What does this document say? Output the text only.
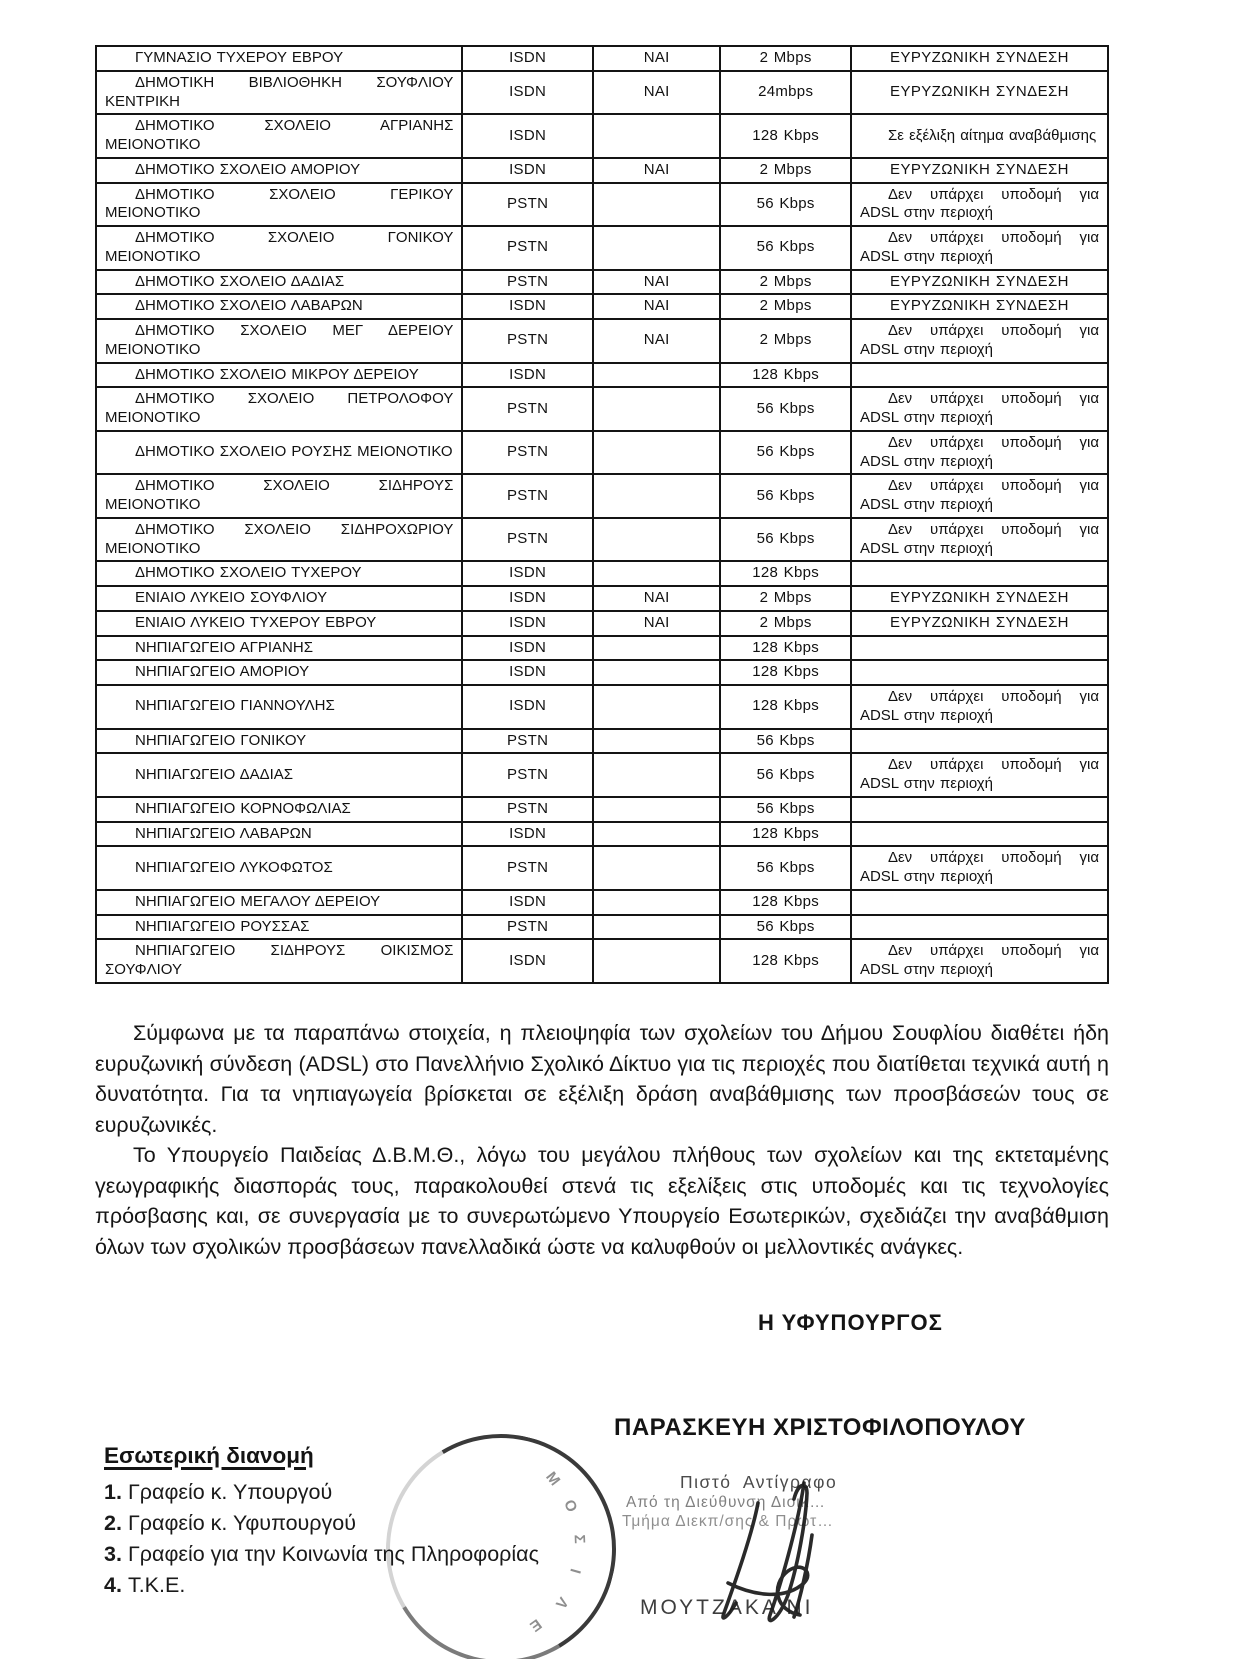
ΓΥΜΝΑΣΙΟ ΤΥΧΕΡΟΥ ΕΒΡΟΥ	ISDN	ΝΑΙ	2 Mbps	ΕΥΡΥΖΩΝΙΚΗ ΣΥΝΔΕΣΗ
ΔΗΜΟΤΙΚΗ ΒΙΒΛΙΟΘΗΚΗ ΣΟΥΦΛΙΟΥ ΚΕΝΤΡΙΚΗ	ISDN	ΝΑΙ	24mbps	ΕΥΡΥΖΩΝΙΚΗ ΣΥΝΔΕΣΗ
ΔΗΜΟΤΙΚΟ ΣΧΟΛΕΙΟ ΑΓΡΙΑΝΗΣ ΜΕΙΟΝΟΤΙΚΟ	ISDN		128 Kbps	Σε εξέλιξη αίτημα αναβάθμισης
ΔΗΜΟΤΙΚΟ ΣΧΟΛΕΙΟ ΑΜΟΡΙΟΥ	ISDN	ΝΑΙ	2 Mbps	ΕΥΡΥΖΩΝΙΚΗ ΣΥΝΔΕΣΗ
ΔΗΜΟΤΙΚΟ ΣΧΟΛΕΙΟ ΓΕΡΙΚΟΥ ΜΕΙΟΝΟΤΙΚΟ	PSTN		56 Kbps	Δεν υπάρχει υποδομή για ADSL στην περιοχή
ΔΗΜΟΤΙΚΟ ΣΧΟΛΕΙΟ ΓΟΝΙΚΟΥ ΜΕΙΟΝΟΤΙΚΟ	PSTN		56 Kbps	Δεν υπάρχει υποδομή για ADSL στην περιοχή
ΔΗΜΟΤΙΚΟ ΣΧΟΛΕΙΟ ΔΑΔΙΑΣ	PSTN	ΝΑΙ	2 Mbps	ΕΥΡΥΖΩΝΙΚΗ ΣΥΝΔΕΣΗ
ΔΗΜΟΤΙΚΟ ΣΧΟΛΕΙΟ ΛΑΒΑΡΩΝ	ISDN	ΝΑΙ	2 Mbps	ΕΥΡΥΖΩΝΙΚΗ ΣΥΝΔΕΣΗ
ΔΗΜΟΤΙΚΟ ΣΧΟΛΕΙΟ ΜΕΓ ΔΕΡΕΙΟΥ ΜΕΙΟΝΟΤΙΚΟ	PSTN	ΝΑΙ	2 Mbps	Δεν υπάρχει υποδομή για ADSL στην περιοχή
ΔΗΜΟΤΙΚΟ ΣΧΟΛΕΙΟ ΜΙΚΡΟΥ ΔΕΡΕΙΟΥ	ISDN		128 Kbps	
ΔΗΜΟΤΙΚΟ ΣΧΟΛΕΙΟ ΠΕΤΡΟΛΟΦΟΥ ΜΕΙΟΝΟΤΙΚΟ	PSTN		56 Kbps	Δεν υπάρχει υποδομή για ADSL στην περιοχή
ΔΗΜΟΤΙΚΟ ΣΧΟΛΕΙΟ ΡΟΥΣΗΣ ΜΕΙΟΝΟΤΙΚΟ	PSTN		56 Kbps	Δεν υπάρχει υποδομή για ADSL στην περιοχή
ΔΗΜΟΤΙΚΟ ΣΧΟΛΕΙΟ ΣΙΔΗΡΟΥΣ ΜΕΙΟΝΟΤΙΚΟ	PSTN		56 Kbps	Δεν υπάρχει υποδομή για ADSL στην περιοχή
ΔΗΜΟΤΙΚΟ ΣΧΟΛΕΙΟ ΣΙΔΗΡΟΧΩΡΙΟΥ ΜΕΙΟΝΟΤΙΚΟ	PSTN		56 Kbps	Δεν υπάρχει υποδομή για ADSL στην περιοχή
ΔΗΜΟΤΙΚΟ ΣΧΟΛΕΙΟ ΤΥΧΕΡΟΥ	ISDN		128 Kbps	
ΕΝΙΑΙΟ ΛΥΚΕΙΟ ΣΟΥΦΛΙΟΥ	ISDN	ΝΑΙ	2 Mbps	ΕΥΡΥΖΩΝΙΚΗ ΣΥΝΔΕΣΗ
ΕΝΙΑΙΟ ΛΥΚΕΙΟ ΤΥΧΕΡΟΥ ΕΒΡΟΥ	ISDN	ΝΑΙ	2 Mbps	ΕΥΡΥΖΩΝΙΚΗ ΣΥΝΔΕΣΗ
ΝΗΠΙΑΓΩΓΕΙΟ ΑΓΡΙΑΝΗΣ	ISDN		128 Kbps	
ΝΗΠΙΑΓΩΓΕΙΟ ΑΜΟΡΙΟΥ	ISDN		128 Kbps	
ΝΗΠΙΑΓΩΓΕΙΟ ΓΙΑΝΝΟΥΛΗΣ	ISDN		128 Kbps	Δεν υπάρχει υποδομή για ADSL στην περιοχή
ΝΗΠΙΑΓΩΓΕΙΟ ΓΟΝΙΚΟΥ	PSTN		56 Kbps	
ΝΗΠΙΑΓΩΓΕΙΟ ΔΑΔΙΑΣ	PSTN		56 Kbps	Δεν υπάρχει υποδομή για ADSL στην περιοχή
ΝΗΠΙΑΓΩΓΕΙΟ ΚΟΡΝΟΦΩΛΙΑΣ	PSTN		56 Kbps	
ΝΗΠΙΑΓΩΓΕΙΟ ΛΑΒΑΡΩΝ	ISDN		128 Kbps	
ΝΗΠΙΑΓΩΓΕΙΟ ΛΥΚΟΦΩΤΟΣ	PSTN		56 Kbps	Δεν υπάρχει υποδομή για ADSL στην περιοχή
ΝΗΠΙΑΓΩΓΕΙΟ ΜΕΓΑΛΟΥ ΔΕΡΕΙΟΥ	ISDN		128 Kbps	
ΝΗΠΙΑΓΩΓΕΙΟ ΡΟΥΣΣΑΣ	PSTN		56 Kbps	
ΝΗΠΙΑΓΩΓΕΙΟ ΣΙΔΗΡΟΥΣ ΟΙΚΙΣΜΟΣ ΣΟΥΦΛΙΟΥ	ISDN		128 Kbps	Δεν υπάρχει υποδομή για ADSL στην περιοχή

Σύμφωνα με τα παραπάνω στοιχεία, η πλειοψηφία των σχολείων του Δήμου Σουφλίου διαθέτει ήδη ευρυζωνική σύνδεση (ADSL) στο Πανελλήνιο Σχολικό Δίκτυο για τις περιοχές που διατίθεται τεχνικά αυτή η δυνατότητα. Για τα νηπιαγωγεία βρίσκεται σε εξέλιξη δράση αναβάθμισης των προσβάσεών τους σε ευρυζωνικές.

Το Υπουργείο Παιδείας Δ.Β.Μ.Θ., λόγω του μεγάλου πλήθους των σχολείων και της εκτεταμένης γεωγραφικής διασποράς τους, παρακολουθεί στενά τις εξελίξεις στις υποδομές και τις τεχνολογίες πρόσβασης και, σε συνεργασία με το συνερωτώμενο Υπουργείο Εσωτερικών, σχεδιάζει την αναβάθμιση όλων των σχολικών προσβάσεων πανελλαδικά ώστε να καλυφθούν οι μελλοντικές ανάγκες.

Η ΥΦΥΠΟΥΡΓΟΣ
ΠΑΡΑΣΚΕΥΗ ΧΡΙΣΤΟΦΙΛΟΠΟΥΛΟΥ
Εσωτερική διανομή
1. Γραφείο κ. Υπουργού
2. Γραφείο κ. Υφυπουργού
3. Γραφείο για την Κοινωνία της Πληροφορίας
4. Τ.Κ.Ε.
Μ
Ο
Σ
Ι
Λ
Ε
Πιστό Αντίγραφο
Από τη Διεύθυνση Διοικ…
Τμήμα Διεκπ/σης & Πρωτ…
ΜΟΥΤΖΑΚΑ ΝΙ
